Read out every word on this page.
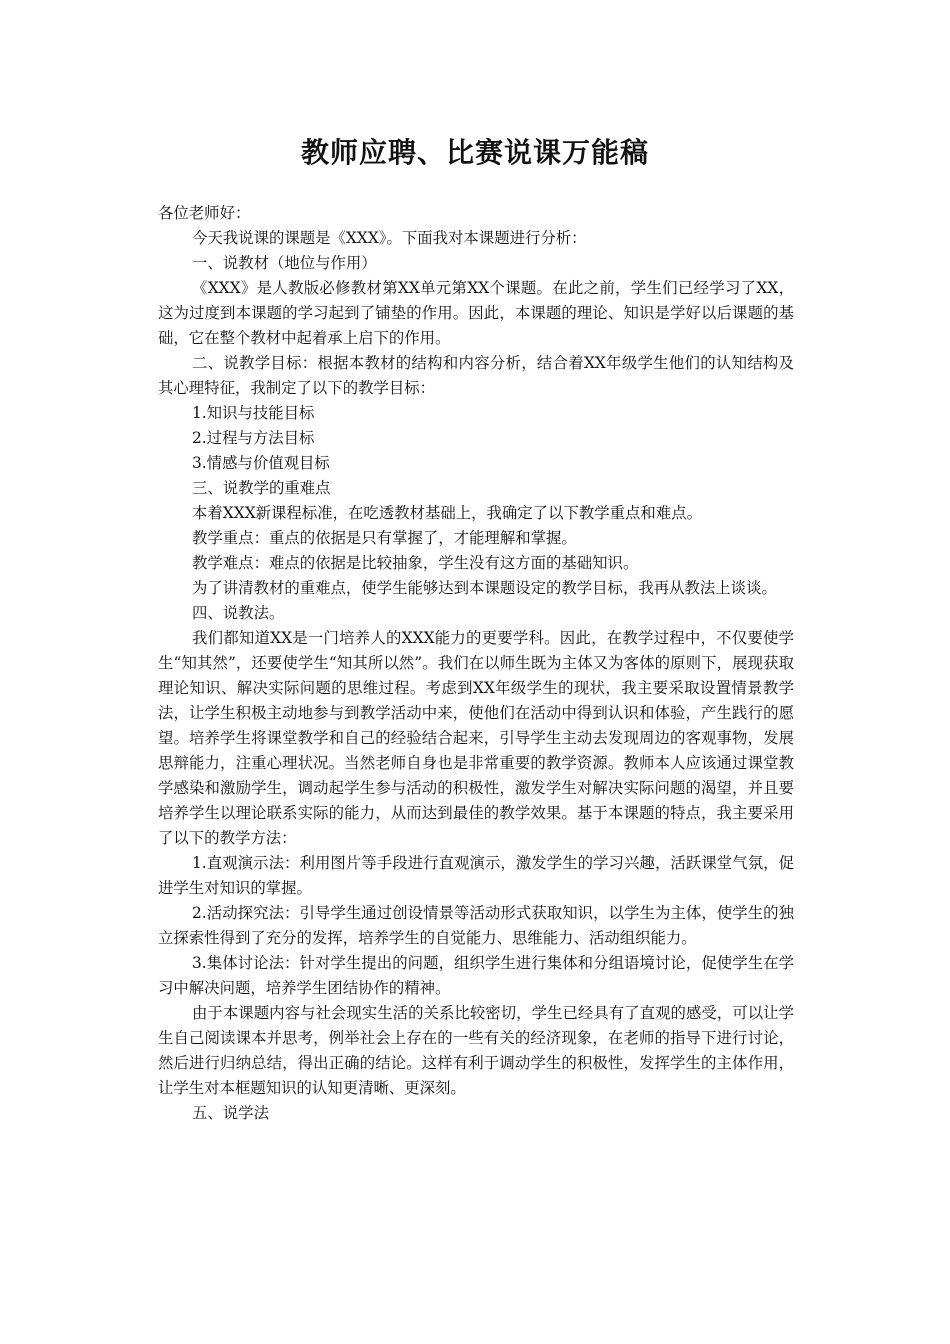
教师应聘、比赛说课万能稿

各位老师好：

今天我说课的课题是《XXX》。下面我对本课题进行分析：

一、说教材（地位与作用）

《XXX》是人教版必修教材第XX单元第XX个课题。在此之前，学生们已经学习了XX，这为过度到本课题的学习起到了铺垫的作用。因此，本课题的理论、知识是学好以后课题的基础，它在整个教材中起着承上启下的作用。

二、说教学目标：根据本教材的结构和内容分析，结合着XX年级学生他们的认知结构及其心理特征，我制定了以下的教学目标：

1.知识与技能目标

2.过程与方法目标

3.情感与价值观目标

三、说教学的重难点

本着XXX新课程标准，在吃透教材基础上，我确定了以下教学重点和难点。

教学重点：重点的依据是只有掌握了，才能理解和掌握。

教学难点：难点的依据是比较抽象，学生没有这方面的基础知识。

为了讲清教材的重难点，使学生能够达到本课题设定的教学目标，我再从教法上谈谈。

四、说教法。

我们都知道XX是一门培养人的XXX能力的更要学科。因此，在教学过程中，不仅要使学生“知其然”，还要使学生“知其所以然”。我们在以师生既为主体又为客体的原则下，展现获取理论知识、解决实际问题的思维过程。考虑到XX年级学生的现状，我主要采取设置情景教学法，让学生积极主动地参与到教学活动中来，使他们在活动中得到认识和体验，产生践行的愿望。培养学生将课堂教学和自己的经验结合起来，引导学生主动去发现周边的客观事物，发展思辩能力，注重心理状况。当然老师自身也是非常重要的教学资源。教师本人应该通过课堂教学感染和激励学生，调动起学生参与活动的积极性，激发学生对解决实际问题的渴望，并且要培养学生以理论联系实际的能力，从而达到最佳的教学效果。基于本课题的特点，我主要采用了以下的教学方法：

1.直观演示法：利用图片等手段进行直观演示，激发学生的学习兴趣，活跃课堂气氛，促进学生对知识的掌握。

2.活动探究法：引导学生通过创设情景等活动形式获取知识，以学生为主体，使学生的独立探索性得到了充分的发挥，培养学生的自觉能力、思维能力、活动组织能力。

3.集体讨论法：针对学生提出的问题，组织学生进行集体和分组语境讨论，促使学生在学习中解决问题，培养学生团结协作的精神。

由于本课题内容与社会现实生活的关系比较密切，学生已经具有了直观的感受，可以让学生自己阅读课本并思考，例举社会上存在的一些有关的经济现象，在老师的指导下进行讨论，然后进行归纳总结，得出正确的结论。这样有利于调动学生的积极性，发挥学生的主体作用，让学生对本框题知识的认知更清晰、更深刻。

五、说学法
